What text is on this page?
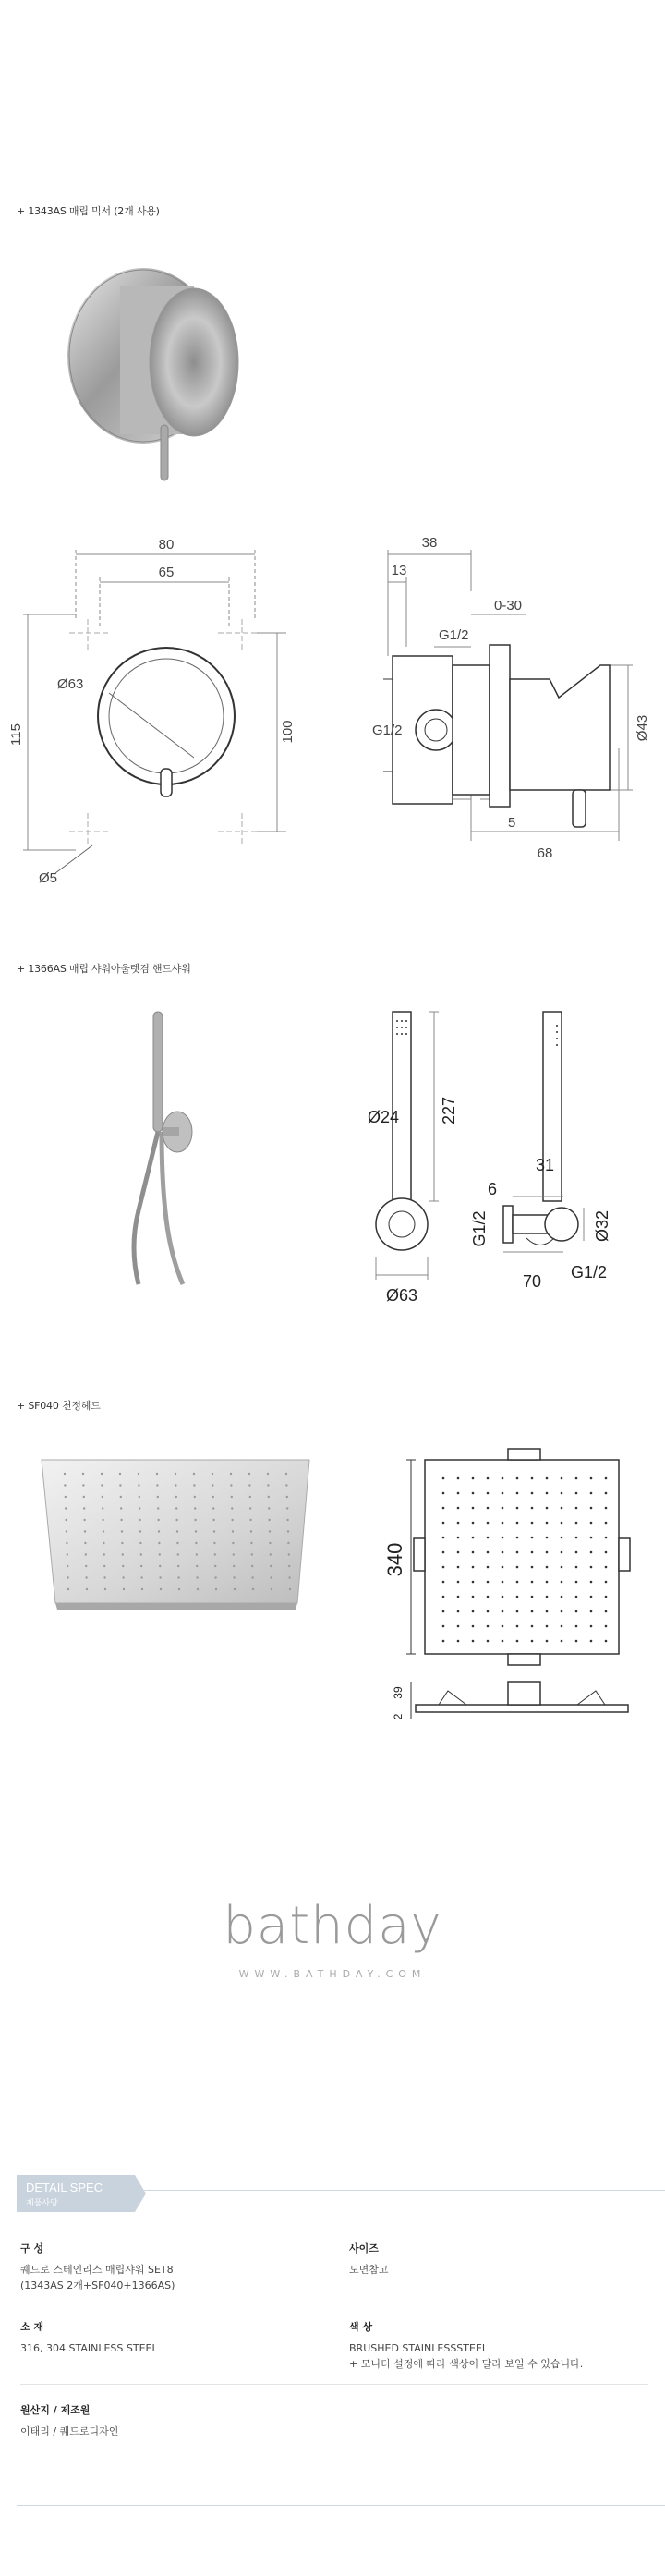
+ 1343AS 매립 믹서 (2개 사용)
80
65
115	100
Ø63
Ø5
38
13
0-30
G1/2
G1/2	Ø43
5
68
+ 1366AS 매립 샤워아울렛겸 핸드샤워
Ø24 227
Ø63
6
31
G1/2	Ø32
G1/2
70
+ SF040 천정헤드
340
39
2
bathday
WWW.BATHDAY.COM
DETAIL SPEC
제품사양
구 성
퀘드로 스테인리스 매립샤워 SET8
(1343AS 2개+SF040+1366AS)
사이즈
도면참고
소 재
316, 304 STAINLESS STEEL
색 상
BRUSHED STAINLESSSTEEL
+ 모니터 설정에 따라 색상이 달라 보일 수 있습니다.
원산지 / 제조원
이태리 / 퀘드로디자인
